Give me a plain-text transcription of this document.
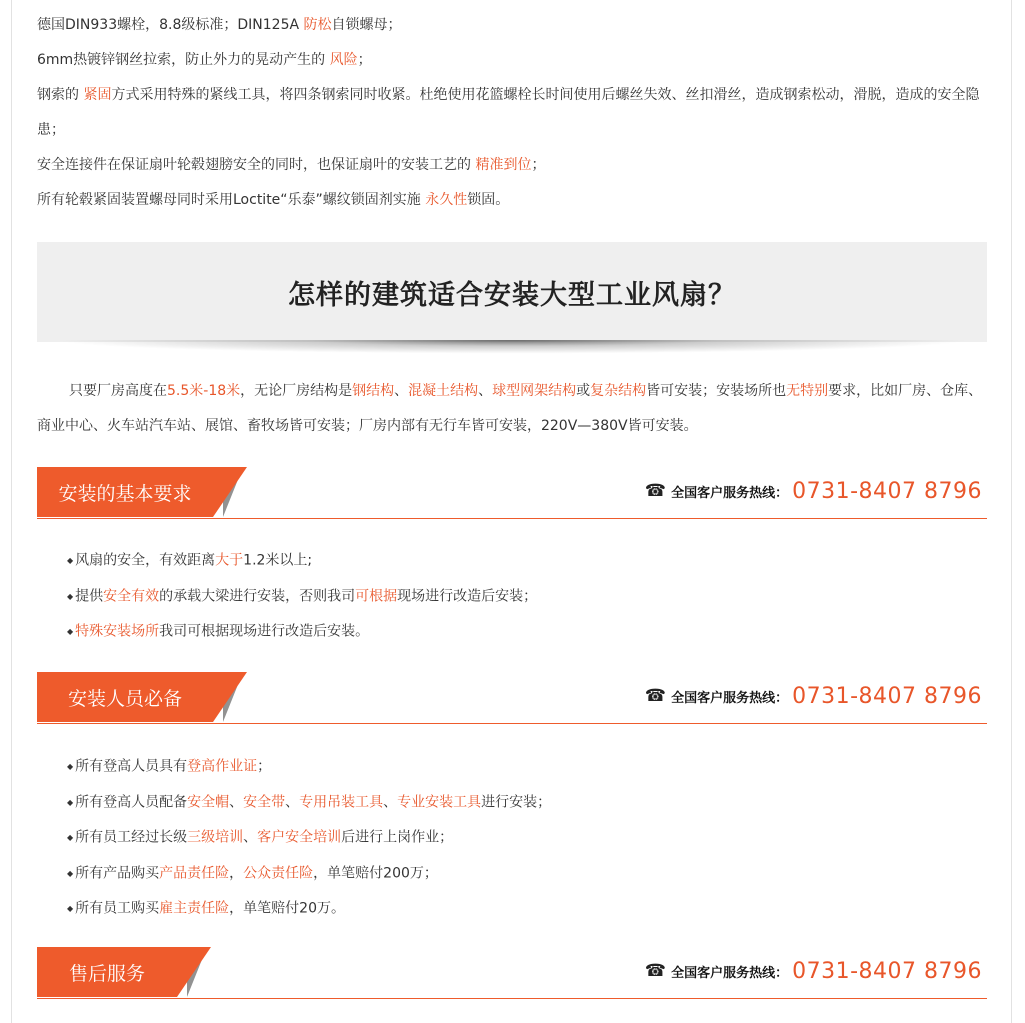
德国DIN933螺栓，8.8级标准；DIN125A 防松自锁螺母；

6mm热镀锌钢丝拉索，防止外力的晃动产生的 风险；

钢索的 紧固方式采用特殊的紧线工具，将四条钢索同时收紧。杜绝使用花篮螺栓长时间使用后螺丝失效、丝扣滑丝，造成钢索松动，滑脱，造成的安全隐患；

安全连接件在保证扇叶轮毂翅膀安全的同时，也保证扇叶的安装工艺的 精准到位；

所有轮毂紧固装置螺母同时采用Loctite“乐泰”螺纹锁固剂实施 永久性锁固。

怎样的建筑适合安装大型工业风扇？

只要厂房高度在5.5米-18米，无论厂房结构是钢结构、混凝土结构、球型网架结构或复杂结构皆可安装；安装场所也无特别要求，比如厂房、仓库、商业中心、火车站汽车站、展馆、畜牧场皆可安装；厂房内部有无行车皆可安装，220V—380V皆可安装。

安装的基本要求	☎ 全国客户服务热线： 0731-8407 8796
◆ 风扇的安全，有效距离大于1.2米以上;
◆ 提供安全有效的承载大梁进行安装，否则我司可根据现场进行改造后安装；
◆ 特殊安装场所我司可根据现场进行改造后安装。
安装人员必备	☎ 全国客户服务热线： 0731-8407 8796
◆ 所有登高人员具有登高作业证；
◆ 所有登高人员配备安全帽、安全带、专用吊装工具、专业安装工具进行安装；
◆ 所有员工经过长级三级培训、客户安全培训后进行上岗作业；
◆ 所有产品购买产品责任险，公众责任险，单笔赔付200万；
◆ 所有员工购买雇主责任险，单笔赔付20万。
售后服务	☎ 全国客户服务热线： 0731-8407 8796
